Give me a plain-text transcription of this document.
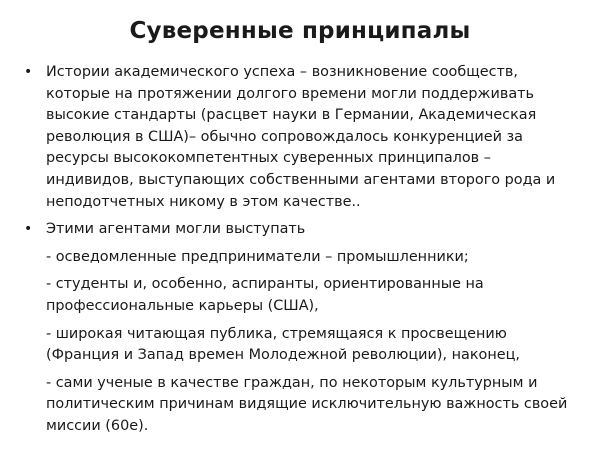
Суверенные принципалы
• Истории академического успеха – возникновение сообществ, которые на протяжении долгого времени могли поддерживать высокие стандарты (расцвет науки в Германии, Академическая революция в США)– обычно сопровождалось конкуренцией за ресурсы высококомпетентных суверенных принципалов – индивидов, выступающих собственными агентами второго рода и неподотчетных никому в этом качестве..
• Этими агентами могли выступать
- осведомленные предприниматели – промышленники;
- студенты и, особенно, аспиранты, ориентированные на профессиональные карьеры (США),
- широкая читающая публика, стремящаяся к просвещению (Франция и Запад времен Молодежной революции), наконец,
- сами ученые в качестве граждан, по некоторым культурным и политическим причинам видящие исключительную важность своей миссии (60е).
